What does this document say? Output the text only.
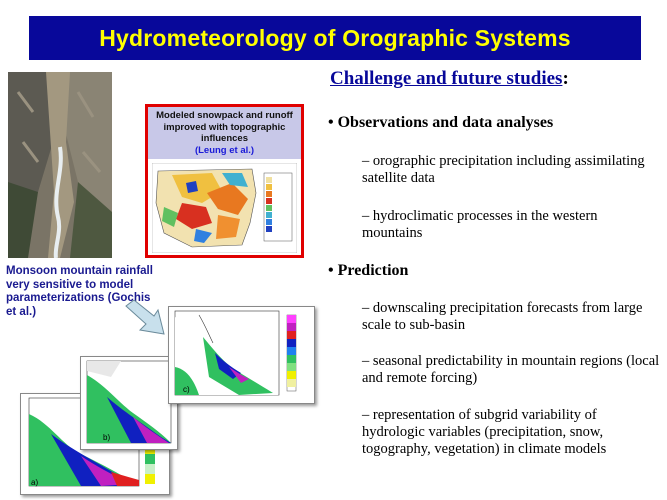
Hydrometeorology of Orographic Systems
Modeled snowpack and runoff improved with topographic influences
(Leung et al.)
Monsoon mountain rainfall very sensitive to model parameterizations (Gochis et al.)
a)
b)
c)
Challenge and future studies:
• Observations and data analyses
– orographic precipitation including assimilating satellite data
– hydroclimatic processes in the western mountains
• Prediction
– downscaling precipitation forecasts from large scale to sub-basin
– seasonal predictability in mountain regions (local and remote forcing)
– representation of subgrid variability of hydrologic variables (precipitation, snow, togography, vegetation) in climate models
